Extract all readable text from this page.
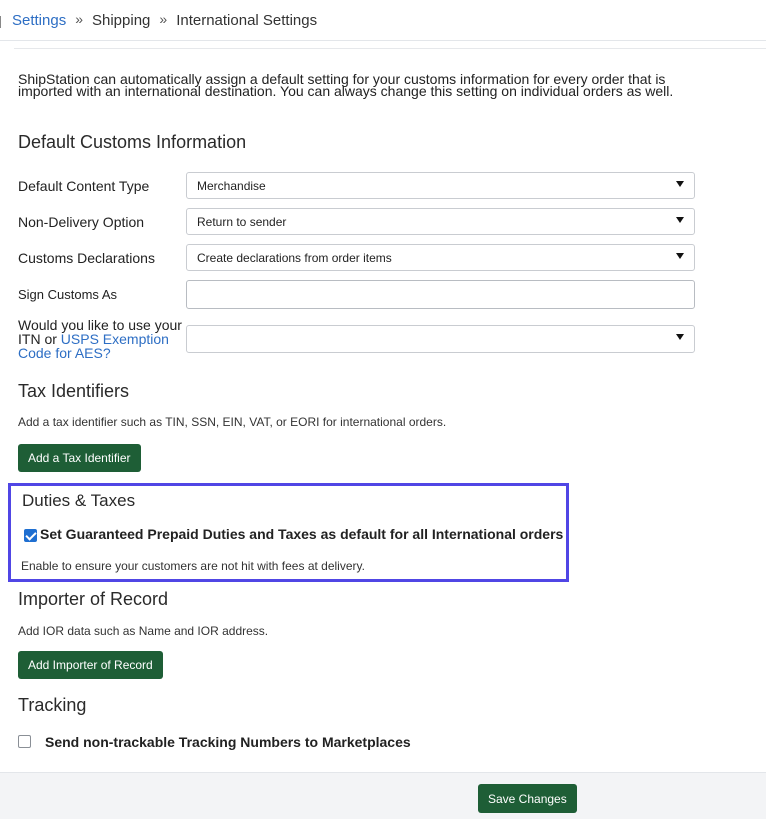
Settings » Shipping » International Settings

ShipStation can automatically assign a default setting for your customs information for every order that is imported with an international destination. You can always change this setting on individual orders as well.

Default Customs Information
Default Content Type	Merchandise
Non-Delivery Option	Return to sender
Customs Declarations	Create declarations from order items
Sign Customs As
Would you like to use your ITN or USPS Exemption Code for AES?
Tax Identifiers
Add a tax identifier such as TIN, SSN, EIN, VAT, or EORI for international orders.
Add a Tax Identifier
Duties & Taxes
Set Guaranteed Prepaid Duties and Taxes as default for all International orders
Enable to ensure your customers are not hit with fees at delivery.
Importer of Record
Add IOR data such as Name and IOR address.
Add Importer of Record
Tracking
Send non-trackable Tracking Numbers to Marketplaces
Save Changes
